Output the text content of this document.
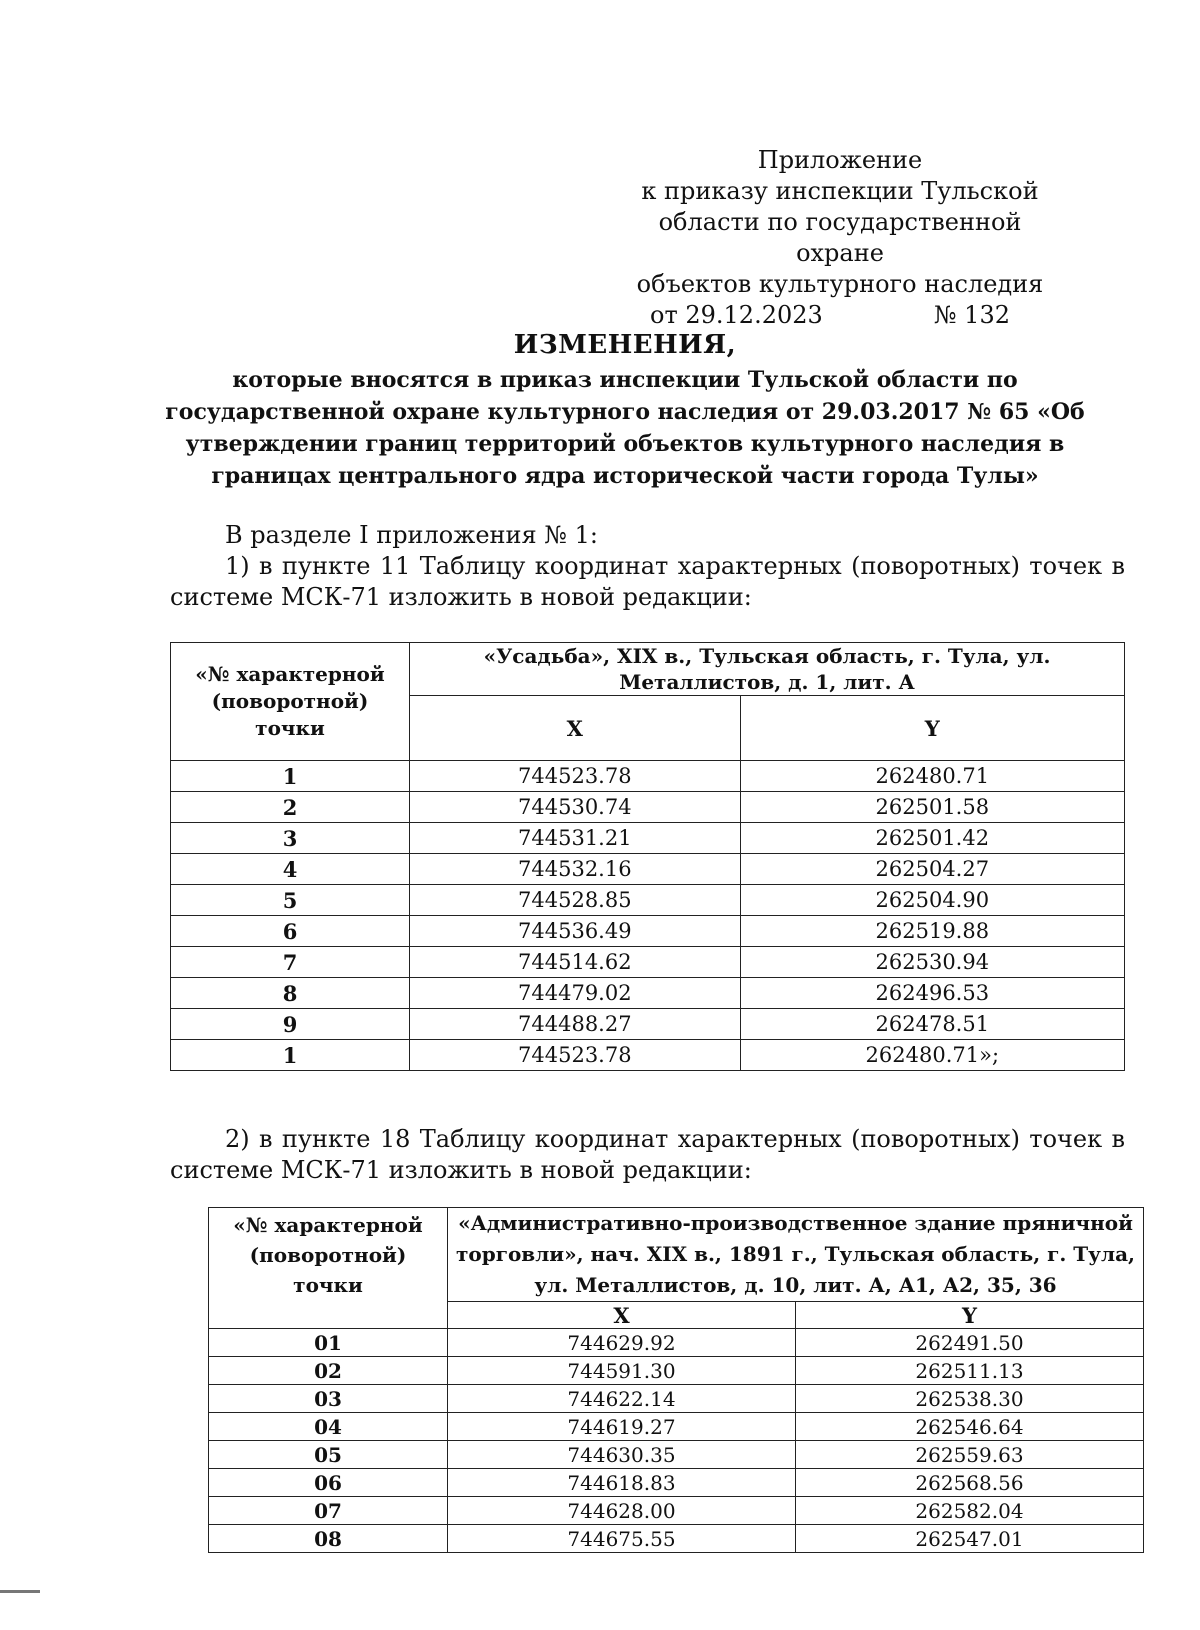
Приложение
к приказу инспекции Тульской
области по государственной охране
объектов культурного наследия
от 29.12.2023	№ 132
ИЗМЕНЕНИЯ,

которые вносятся в приказ инспекции Тульской области по государственной охране культурного наследия от 29.03.2017 № 65 «Об утверждении границ территорий объектов культурного наследия в границах центрального ядра исторической части города Тулы»

В разделе I приложения № 1:
1) в пункте 11 Таблицу координат характерных (поворотных) точек в системе МСК-71 изложить в новой редакции:
«№ характерной (поворотной) точки	«Усадьба», XIX в., Тульская область, г. Тула, ул. Металлистов, д. 1, лит. А	
	X	Y
1	744523.78	262480.71
2	744530.74	262501.58
3	744531.21	262501.42
4	744532.16	262504.27
5	744528.85	262504.90
6	744536.49	262519.88
7	744514.62	262530.94
8	744479.02	262496.53
9	744488.27	262478.51
1	744523.78	262480.71»;
2) в пункте 18 Таблицу координат характерных (поворотных) точек в системе МСК-71 изложить в новой редакции:
«№ характерной (поворотной) точки	«Административно-производственное здание пряничной торговли», нач. XIX в., 1891 г., Тульская область, г. Тула, ул. Металлистов, д. 10, лит. А, А1, А2, 35, 36	
	X	Y
01	744629.92	262491.50
02	744591.30	262511.13
03	744622.14	262538.30
04	744619.27	262546.64
05	744630.35	262559.63
06	744618.83	262568.56
07	744628.00	262582.04
08	744675.55	262547.01
